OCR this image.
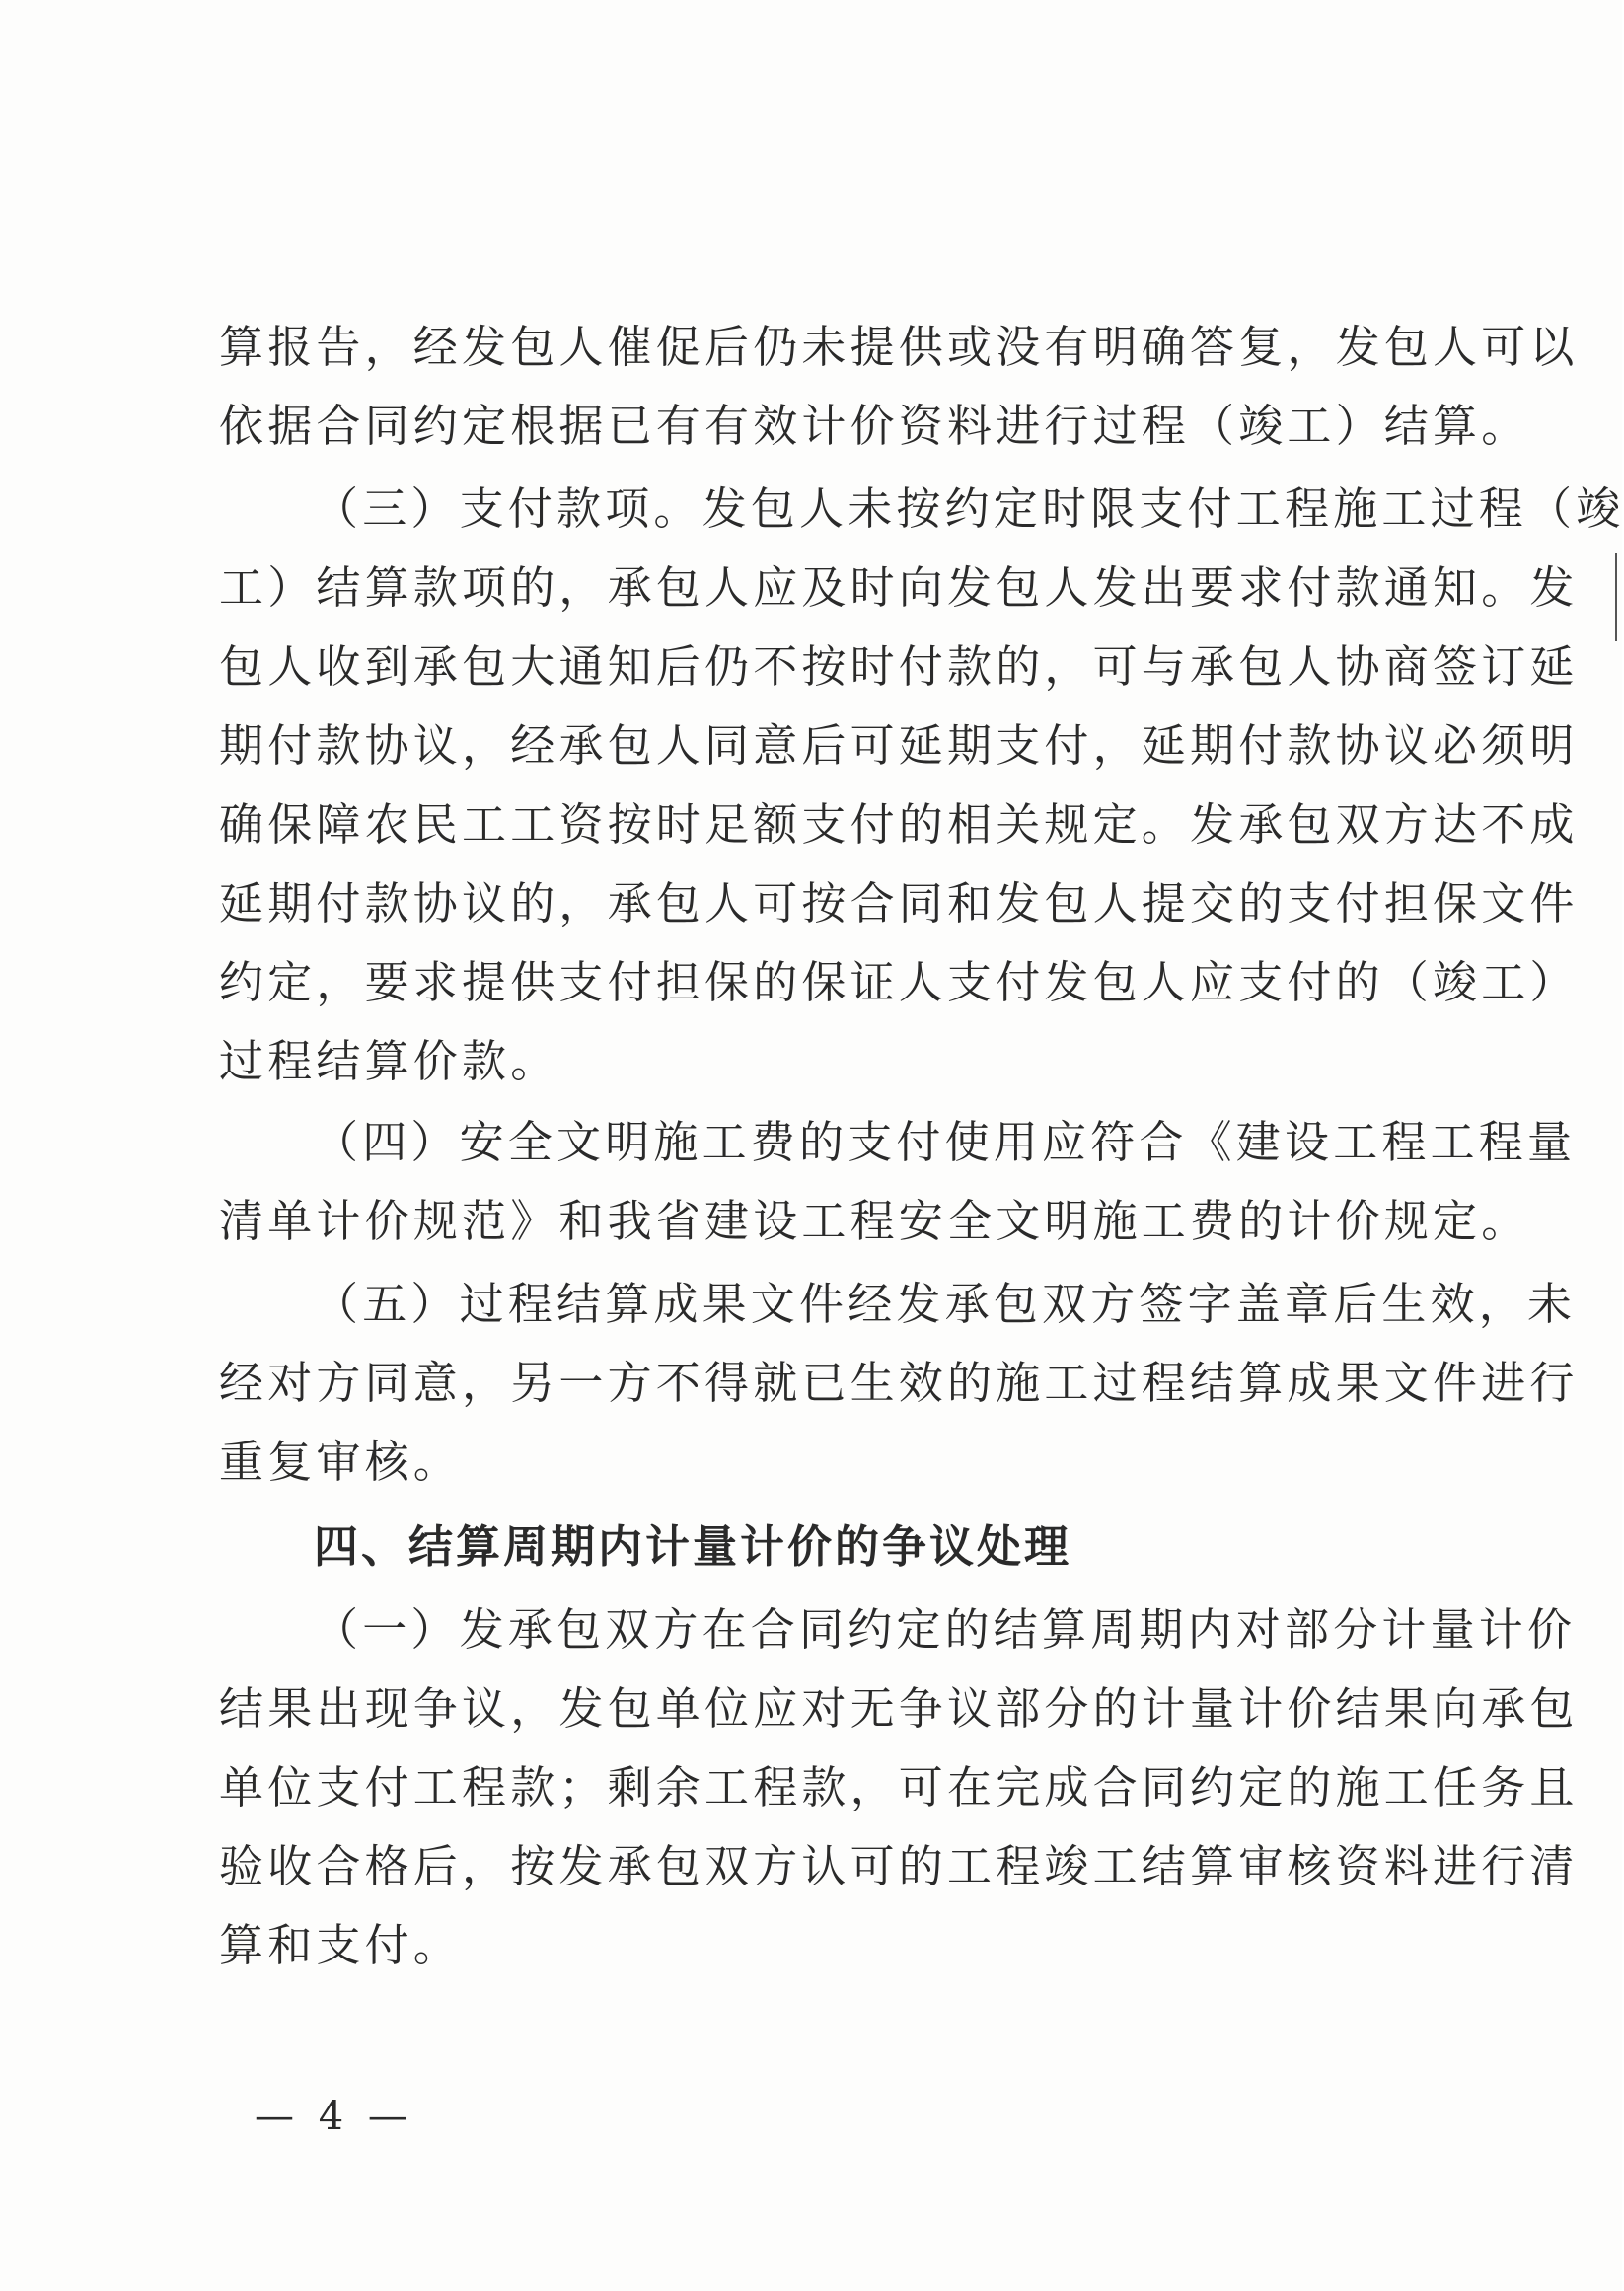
算报告，经发包人催促后仍未提供或没有明确答复，发包人可以
依据合同约定根据已有有效计价资料进行过程（竣工）结算。
（三）支付款项。发包人未按约定时限支付工程施工过程（竣
工）结算款项的，承包人应及时向发包人发出要求付款通知。发
包人收到承包大通知后仍不按时付款的，可与承包人协商签订延
期付款协议，经承包人同意后可延期支付，延期付款协议必须明
确保障农民工工资按时足额支付的相关规定。发承包双方达不成
延期付款协议的，承包人可按合同和发包人提交的支付担保文件
约定，要求提供支付担保的保证人支付发包人应支付的（竣工）
过程结算价款。
（四）安全文明施工费的支付使用应符合《建设工程工程量
清单计价规范》和我省建设工程安全文明施工费的计价规定。
（五）过程结算成果文件经发承包双方签字盖章后生效，未
经对方同意，另一方不得就已生效的施工过程结算成果文件进行
重复审核。
四、结算周期内计量计价的争议处理
（一）发承包双方在合同约定的结算周期内对部分计量计价
结果出现争议，发包单位应对无争议部分的计量计价结果向承包
单位支付工程款；剩余工程款，可在完成合同约定的施工任务且
验收合格后，按发承包双方认可的工程竣工结算审核资料进行清
算和支付。
— 4 —
